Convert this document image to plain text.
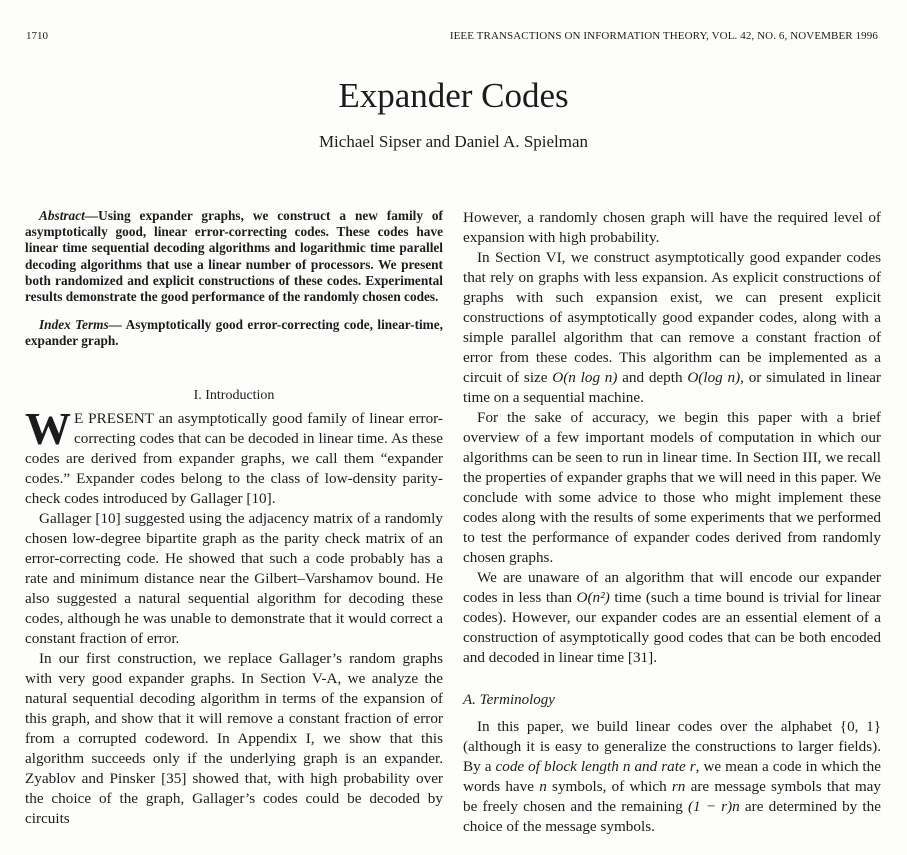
1710	IEEE TRANSACTIONS ON INFORMATION THEORY, VOL. 42, NO. 6, NOVEMBER 1996
Expander Codes
Michael Sipser and Daniel A. Spielman

Abstract—Using expander graphs, we construct a new family of asymptotically good, linear error-correcting codes. These codes have linear time sequential decoding algorithms and logarithmic time parallel decoding algorithms that use a linear number of processors. We present both randomized and explicit constructions of these codes. Experimental results demonstrate the good performance of the randomly chosen codes.

Index Terms— Asymptotically good error-correcting code, linear-time, expander graph.

I. Introduction

W E PRESENT an asymptotically good family of linear error-correcting codes that can be decoded in linear time. As these codes are derived from expander graphs, we call them “expander codes.” Expander codes belong to the class of low-density parity-check codes introduced by Gallager [10].

Gallager [10] suggested using the adjacency matrix of a randomly chosen low-degree bipartite graph as the parity check matrix of an error-correcting code. He showed that such a code probably has a rate and minimum distance near the Gilbert–Varshamov bound. He also suggested a natural sequential algorithm for decoding these codes, although he was unable to demonstrate that it would correct a constant fraction of error.

In our first construction, we replace Gallager’s random graphs with very good expander graphs. In Section V-A, we analyze the natural sequential decoding algorithm in terms of the expansion of this graph, and show that it will remove a constant fraction of error from a corrupted codeword. In Appendix I, we show that this algorithm succeeds only if the underlying graph is an expander. Zyablov and Pinsker [35] showed that, with high probability over the choice of the graph, Gallager’s codes could be decoded by circuits

However, a randomly chosen graph will have the required level of expansion with high probability.

In Section VI, we construct asymptotically good expander codes that rely on graphs with less expansion. As explicit constructions of graphs with such expansion exist, we can present explicit constructions of asymptotically good expander codes, along with a simple parallel algorithm that can remove a constant fraction of error from these codes. This algorithm can be implemented as a circuit of size O(n log n) and depth O(log n), or simulated in linear time on a sequential machine.

For the sake of accuracy, we begin this paper with a brief overview of a few important models of computation in which our algorithms can be seen to run in linear time. In Section III, we recall the properties of expander graphs that we will need in this paper. We conclude with some advice to those who might implement these codes along with the results of some experiments that we performed to test the performance of expander codes derived from randomly chosen graphs.

We are unaware of an algorithm that will encode our expander codes in less than O(n²) time (such a time bound is trivial for linear codes). However, our expander codes are an essential element of a construction of asymptotically good codes that can be both encoded and decoded in linear time [31].

A. Terminology

In this paper, we build linear codes over the alphabet {0, 1} (although it is easy to generalize the constructions to larger fields). By a code of block length n and rate r, we mean a code in which the words have n symbols, of which rn are message symbols that may be freely chosen and the remaining (1 − r)n are determined by the choice of the message symbols.
